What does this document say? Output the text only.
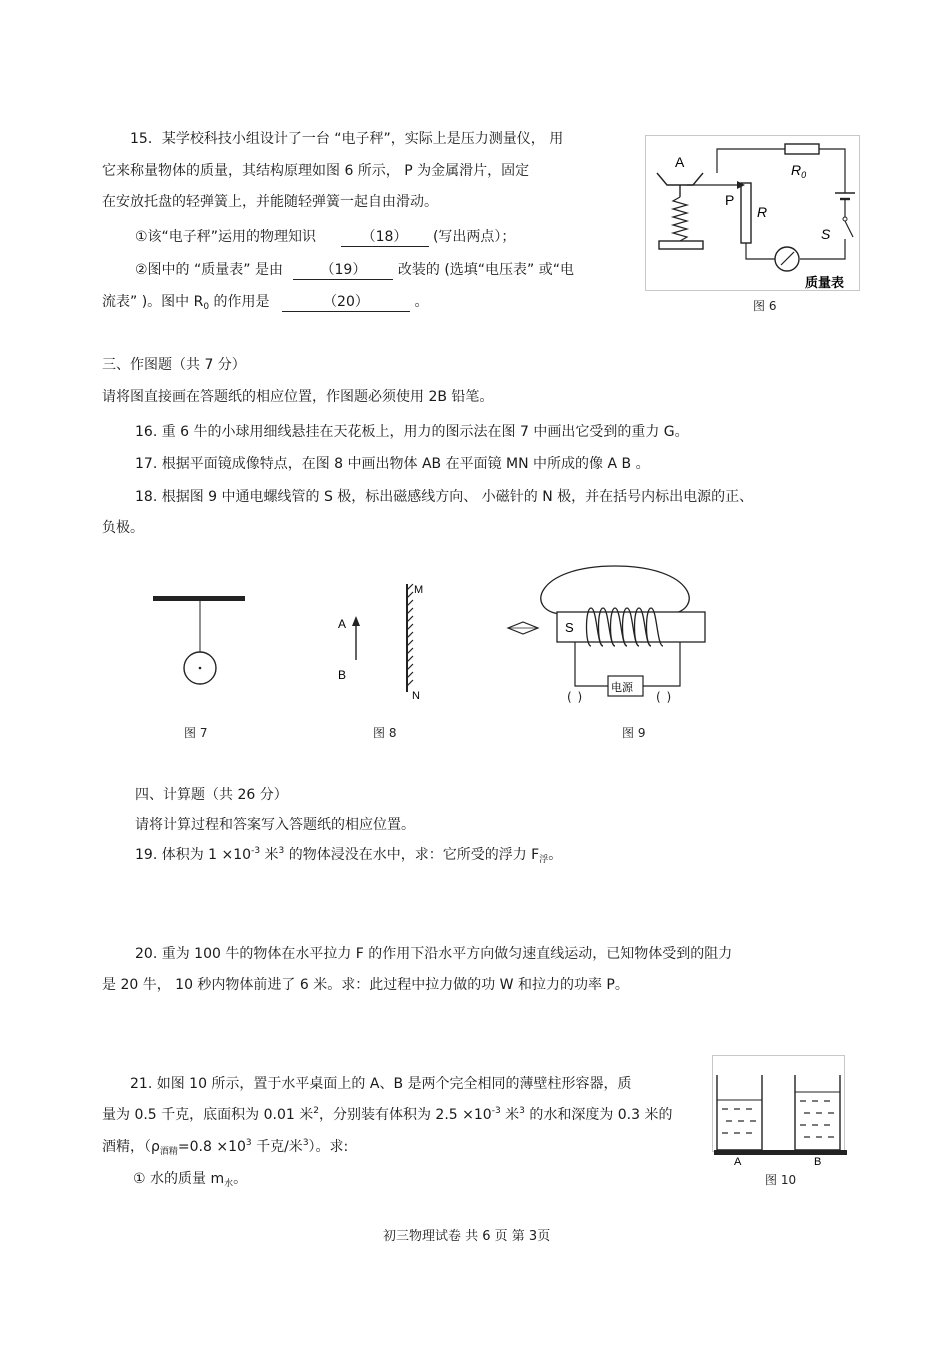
15．某学校科技小组设计了一台 “电子秤”，实际上是压力测量仪， 用
它来称量物体的质量，其结构原理如图 6 所示， P 为金属滑片，固定
在安放托盘的轻弹簧上，并能随轻弹簧一起自由滑动。
①该“电子秤”运用的物理知识	（18） (写出两点）；
②图中的 “质量表” 是由	（19） 改装的 (选填“电压表” 或“电
流表” )。图中 $R_0$ 的作用是	（20）	。
A
P
R
$R_0$
S
质量表
图 6
三、作图题（共 7 分）
请将图直接画在答题纸的相应位置，作图题必须使用 2B 铅笔。
16. 重 6 牛的小球用细线悬挂在天花板上，用力的图示法在图 7 中画出它受到的重力 G。
17. 根据平面镜成像特点，在图 8 中画出物体 AB 在平面镜 MN 中所成的像 A B 。
18. 根据图 9 中通电螺线管的 S 极，标出磁感线方向、 小磁针的 N 极，并在括号内标出电源的正、
负极。
图 7
M
N
A
B
图 8
S
电源
( )	( )
图 9
四、计算题（共 26 分）
请将计算过程和答案写入答题纸的相应位置。
19. 体积为 $1 \times 10^{-3}$ 米$^3$ 的物体浸没在水中，求：它所受的浮力 $F_浮$。
20. 重为 100 牛的物体在水平拉力 F 的作用下沿水平方向做匀速直线运动，已知物体受到的阻力
是 20 牛， 10 秒内物体前进了 6 米。求：此过程中拉力做的功 W 和拉力的功率 P。
21. 如图 10 所示，置于水平桌面上的 A、B 是两个完全相同的薄壁柱形容器，质
量为 0.5 千克，底面积为 0.01 米$^2$，分别装有体积为 $2.5 \times 10^{-3}$ 米$^3$ 的水和深度为 0.3 米的
酒精，（$\rho_{酒精}=0.8 \times 10^3$ 千克/米$^3$）。求:
① 水的质量 $m_水$。
A	B
图 10
初三物理试卷 共 6 页 第 3页
